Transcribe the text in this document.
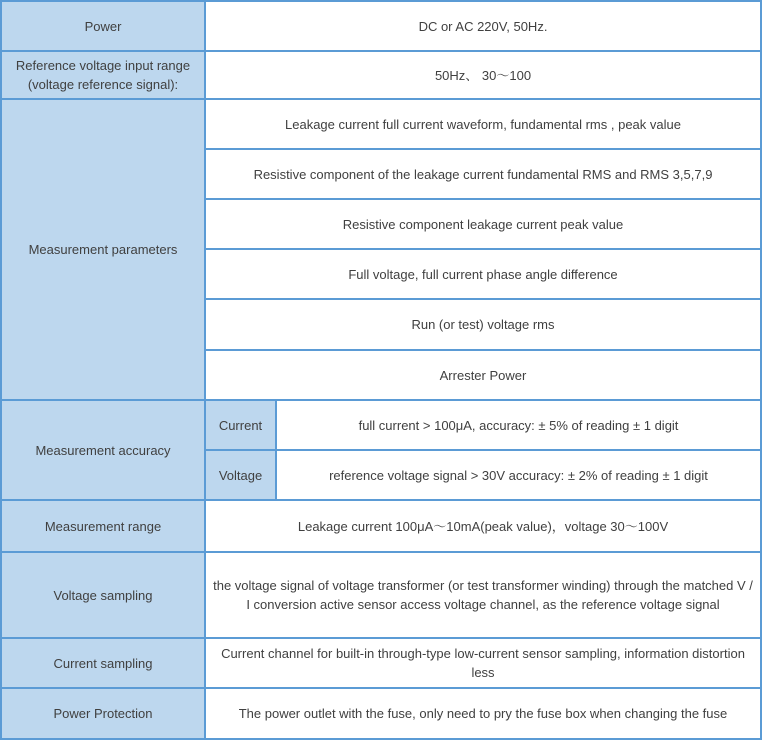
Power	DC or AC 220V, 50Hz.	
Reference voltage input range (voltage reference signal):	50Hz、 30～100	
Measurement parameters	Leakage current full current waveform, fundamental rms , peak value	
	Resistive component of the leakage current fundamental RMS and RMS 3,5,7,9	
	Resistive component leakage current peak value	
	Full voltage, full current phase angle difference	
	Run (or test) voltage rms	
	Arrester Power	
Measurement accuracy	Current	full current > 100μA, accuracy: ± 5% of reading ± 1 digit
	Voltage	reference voltage signal > 30V accuracy: ± 2% of reading ± 1 digit
Measurement range	Leakage current 100μA～10mA(peak value)，voltage 30～100V	
Voltage sampling	the voltage signal of voltage transformer (or test transformer winding) through the matched V / I conversion active sensor access voltage channel, as the reference voltage signal	
Current sampling	Current channel for built-in through-type low-current sensor sampling, information distortion less	
Power Protection	The power outlet with the fuse, only need to pry the fuse box when changing the fuse	
